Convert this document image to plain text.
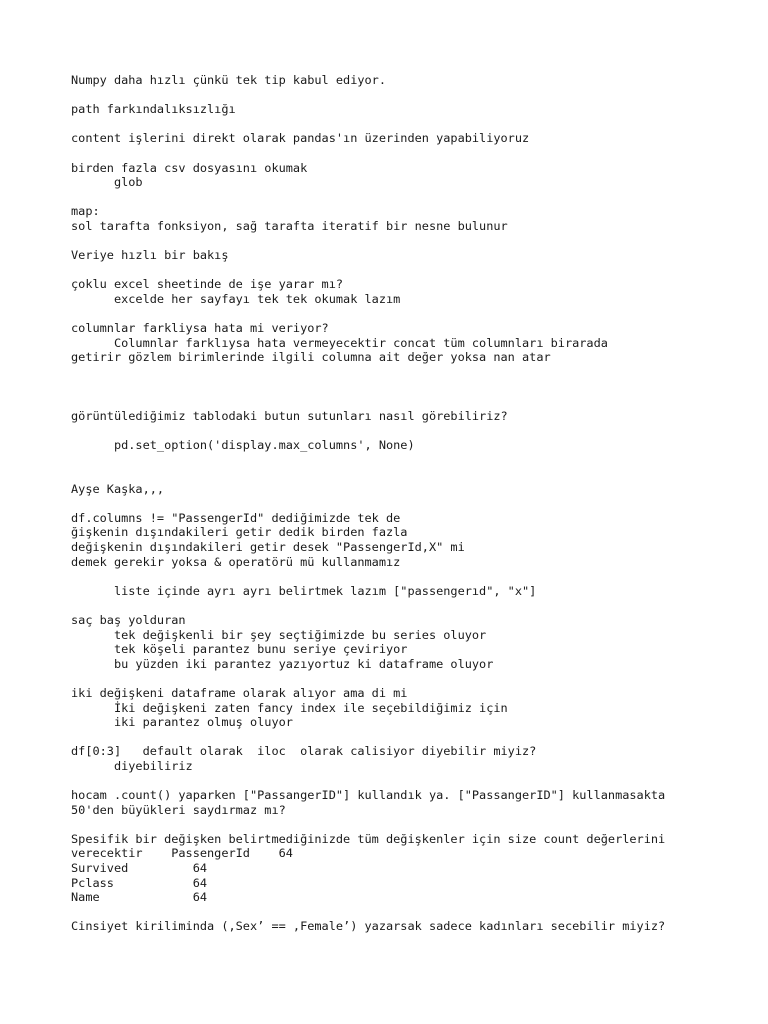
Numpy daha hızlı çünkü tek tip kabul ediyor.
path farkındalıksızlığı
content işlerini direkt olarak pandas'ın üzerinden yapabiliyoruz
birden fazla csv dosyasını okumak
glob
map:
sol tarafta fonksiyon, sağ tarafta iteratif bir nesne bulunur
Veriye hızlı bir bakış
çoklu excel sheetinde de işe yarar mı?
excelde her sayfayı tek tek okumak lazım
columnlar farkliysa hata mi veriyor?
Columnlar farklıysa hata vermeyecektir concat tüm columnları birarada
getirir gözlem birimlerinde ilgili columna ait değer yoksa nan atar
görüntülediğimiz tablodaki butun sutunları nasıl görebiliriz?
pd.set_option('display.max_columns', None)
Ayşe Kaşka,,,
df.columns != "PassengerId" dediğimizde tek de
ğişkenin dışındakileri getir dedik birden fazla
değişkenin dışındakileri getir desek "PassengerId,X" mi
demek gerekir yoksa & operatörü mü kullanmamız
liste içinde ayrı ayrı belirtmek lazım ["passengerıd", "x"]
saç baş yolduran
tek değişkenli bir şey seçtiğimizde bu series oluyor
tek köşeli parantez bunu seriye çeviriyor
bu yüzden iki parantez yazıyortuz ki dataframe oluyor
iki değişkeni dataframe olarak alıyor ama di mi
İki değişkeni zaten fancy index ile seçebildiğimiz için
iki parantez olmuş oluyor
df[0:3]   default olarak  iloc  olarak calisiyor diyebilir miyiz?
diyebiliriz
hocam .count() yaparken ["PassangerID"] kullandık ya. ["PassangerID"] kullanmasakta
50'den büyükleri saydırmaz mı?
Spesifik bir değişken belirtmediğinizde tüm değişkenler için size count değerlerini
verecektir    PassengerId    64
Survived         64
Pclass           64
Name             64
Cinsiyet kiriliminda (‚Sex’ == ‚Female’) yazarsak sadece kadınları secebilir miyiz?
